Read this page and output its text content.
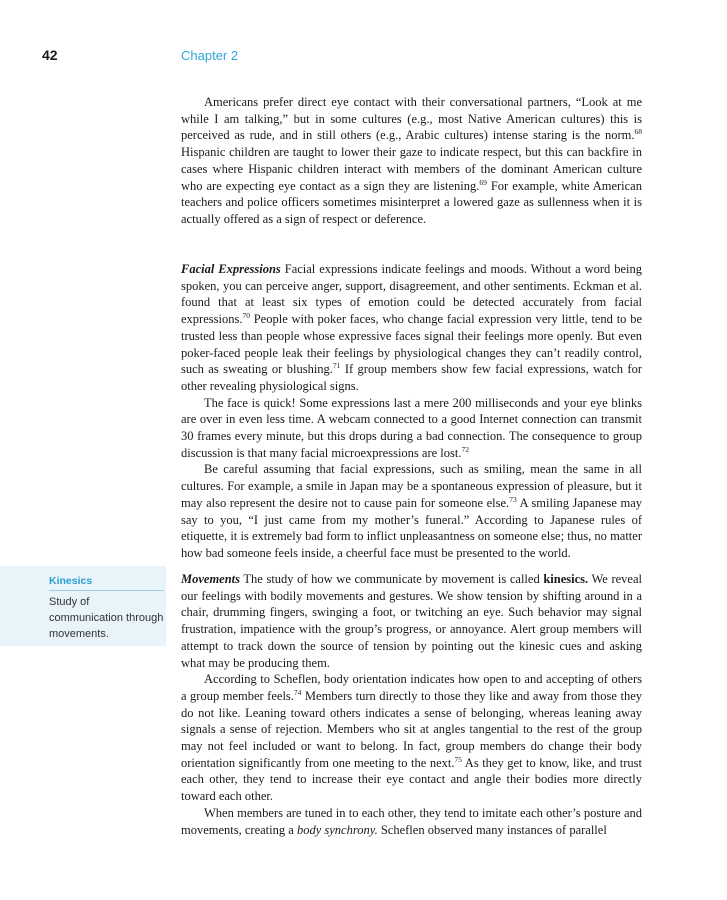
42	Chapter 2

Americans prefer direct eye contact with their conversational partners, “Look at me while I am talking,” but in some cultures (e.g., most Native American cultures) this is perceived as rude, and in still others (e.g., Arabic cultures) intense staring is the norm.$^{68}$ Hispanic children are taught to lower their gaze to indicate respect, but this can backfire in cases where Hispanic children interact with members of the dominant American culture who are expecting eye contact as a sign they are listening.$^{69}$ For example, white American teachers and police officers sometimes misinterpret a lowered gaze as sullenness when it is actually offered as a sign of respect or deference.

Facial Expressions Facial expressions indicate feelings and moods. Without a word being spoken, you can perceive anger, support, disagreement, and other sentiments. Eckman et al. found that at least six types of emotion could be detected accurately from facial expressions.$^{70}$ People with poker faces, who change facial expression very little, tend to be trusted less than people whose expressive faces signal their feelings more openly. But even poker-faced people leak their feelings by physiological changes they can’t readily control, such as sweating or blushing.$^{71}$ If group members show few facial expressions, watch for other revealing physiological signs.

The face is quick! Some expressions last a mere 200 milliseconds and your eye blinks are over in even less time. A webcam connected to a good Internet connection can transmit 30 frames every minute, but this drops during a bad connection. The consequence to group discussion is that many facial microexpressions are lost.$^{72}$

Be careful assuming that facial expressions, such as smiling, mean the same in all cultures. For example, a smile in Japan may be a spontaneous expression of pleasure, but it may also represent the desire not to cause pain for someone else.$^{73}$ A smiling Japanese may say to you, “I just came from my mother’s funeral.” According to Japanese rules of etiquette, it is extremely bad form to inflict unpleasantness on someone else; thus, no matter how bad someone feels inside, a cheerful face must be presented to the world.

Kinesics
Study of communication through movements.

Movements The study of how we communicate by movement is called kinesics. We reveal our feelings with bodily movements and gestures. We show tension by shifting around in a chair, drumming fingers, swinging a foot, or twitching an eye. Such behavior may signal frustration, impatience with the group’s progress, or annoyance. Alert group members will attempt to track down the source of tension by pointing out the kinesic cues and asking what may be producing them.

According to Scheflen, body orientation indicates how open to and accepting of others a group member feels.$^{74}$ Members turn directly to those they like and away from those they do not like. Leaning toward others indicates a sense of belonging, whereas leaning away signals a sense of rejection. Members who sit at angles tangential to the rest of the group may not feel included or want to belong. In fact, group members do change their body orientation significantly from one meeting to the next.$^{75}$ As they get to know, like, and trust each other, they tend to increase their eye contact and angle their bodies more directly toward each other.

When members are tuned in to each other, they tend to imitate each other’s posture and movements, creating a body synchrony. Scheflen observed many instances of parallel
